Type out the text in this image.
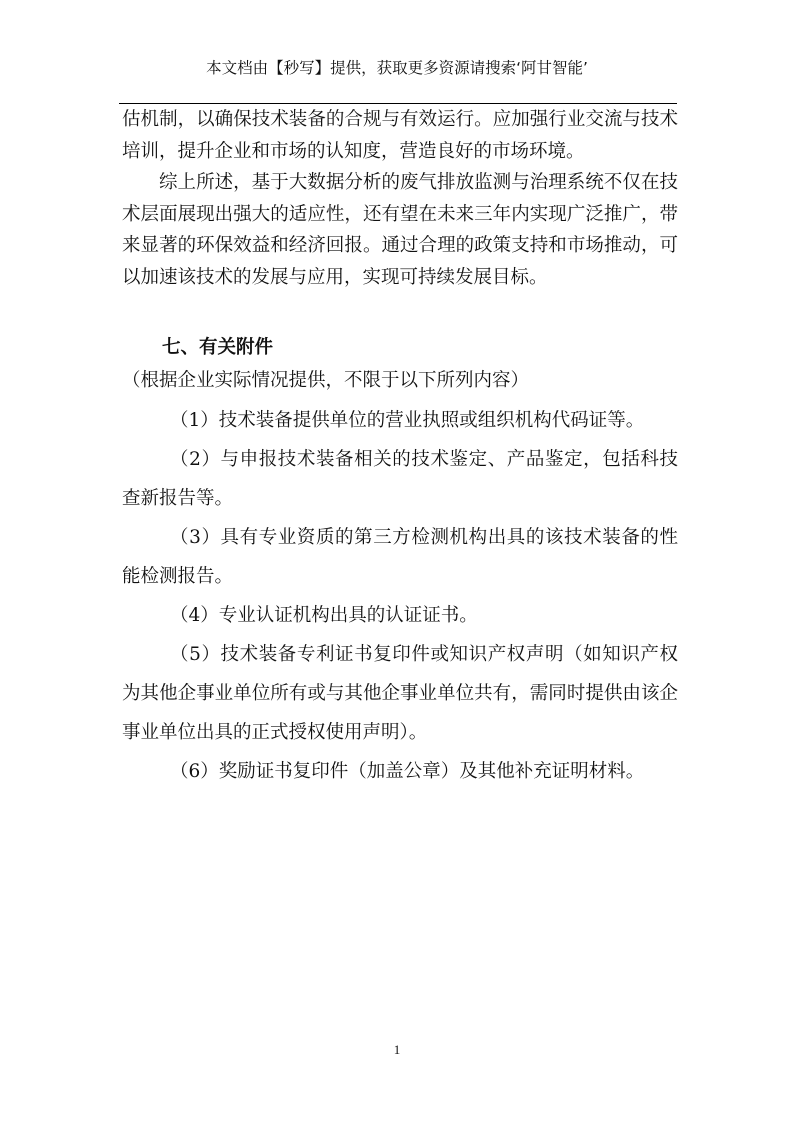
本文档由【秒写】提供，获取更多资源请搜索‘阿甘智能’

估机制，以确保技术装备的合规与有效运行。应加强行业交流与技术培训，提升企业和市场的认知度，营造良好的市场环境。

综上所述，基于大数据分析的废气排放监测与治理系统不仅在技术层面展现出强大的适应性，还有望在未来三年内实现广泛推广，带来显著的环保效益和经济回报。通过合理的政策支持和市场推动，可以加速该技术的发展与应用，实现可持续发展目标。

七、有关附件（根据企业实际情况提供，不限于以下所列内容）

（1）技术装备提供单位的营业执照或组织机构代码证等。

（2）与申报技术装备相关的技术鉴定、产品鉴定，包括科技查新报告等。

（3）具有专业资质的第三方检测机构出具的该技术装备的性能检测报告。

（4）专业认证机构出具的认证证书。

（5）技术装备专利证书复印件或知识产权声明（如知识产权为其他企事业单位所有或与其他企事业单位共有，需同时提供由该企事业单位出具的正式授权使用声明）。

（6）奖励证书复印件（加盖公章）及其他补充证明材料。

1
